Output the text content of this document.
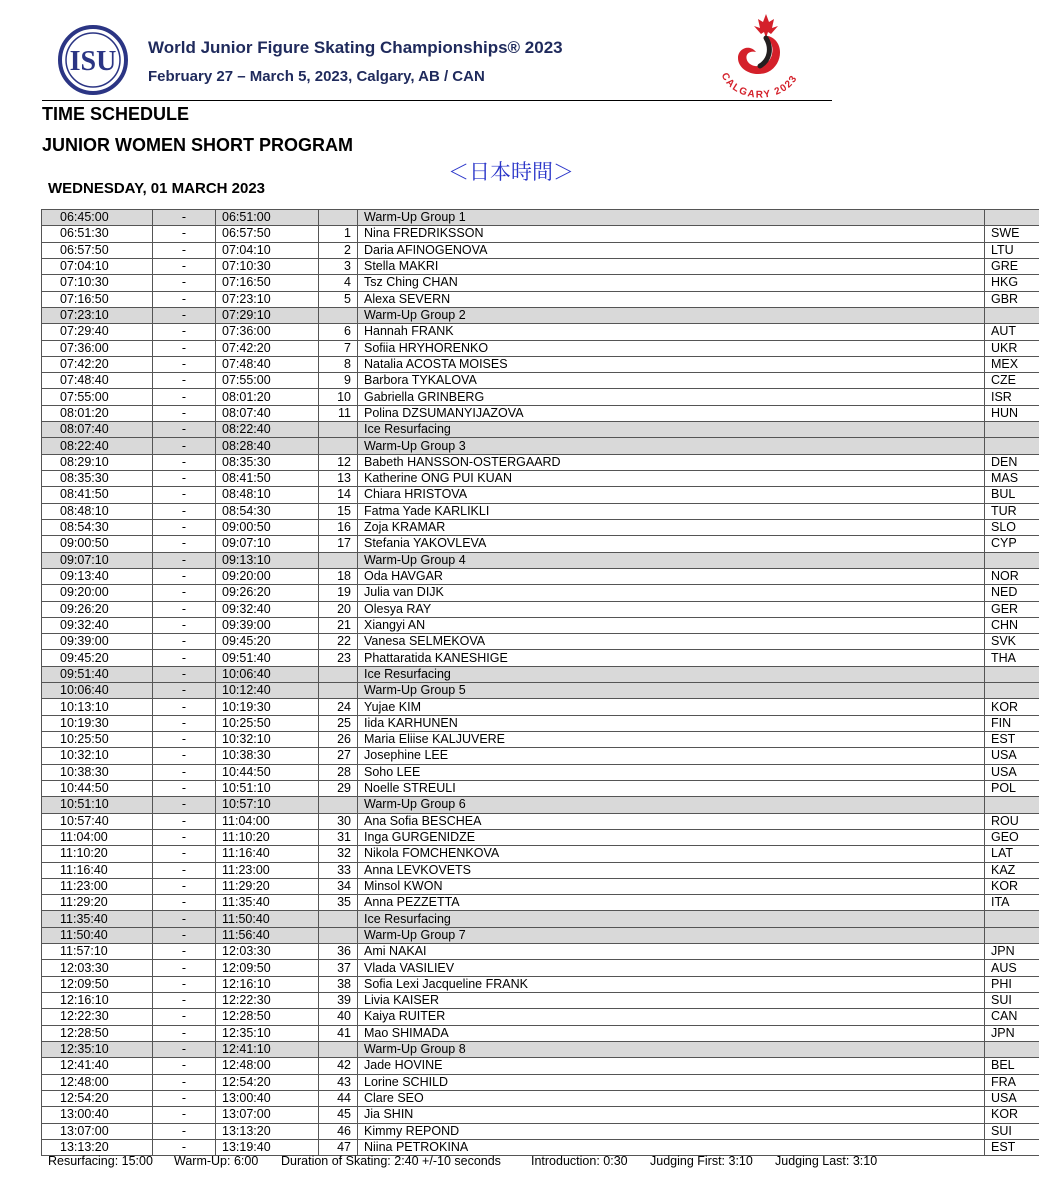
ISU World Junior Figure Skating Championships® 2023
February 27 – March 5, 2023, Calgary, AB / CAN	CALGARY 2023
TIME SCHEDULE
JUNIOR WOMEN SHORT PROGRAM
＜日本時間＞
WEDNESDAY, 01 MARCH 2023
06:45:00	-	06:51:00		Warm-Up Group 1	
06:51:30	-	06:57:50	1	Nina FREDRIKSSON	SWE
06:57:50	-	07:04:10	2	Daria AFINOGENOVA	LTU
07:04:10	-	07:10:30	3	Stella MAKRI	GRE
07:10:30	-	07:16:50	4	Tsz Ching CHAN	HKG
07:16:50	-	07:23:10	5	Alexa SEVERN	GBR
07:23:10	-	07:29:10		Warm-Up Group 2	
07:29:40	-	07:36:00	6	Hannah FRANK	AUT
07:36:00	-	07:42:20	7	Sofiia HRYHORENKO	UKR
07:42:20	-	07:48:40	8	Natalia ACOSTA MOISES	MEX
07:48:40	-	07:55:00	9	Barbora TYKALOVA	CZE
07:55:00	-	08:01:20	10	Gabriella GRINBERG	ISR
08:01:20	-	08:07:40	11	Polina DZSUMANYIJAZOVA	HUN
08:07:40	-	08:22:40		Ice Resurfacing	
08:22:40	-	08:28:40		Warm-Up Group 3	
08:29:10	-	08:35:30	12	Babeth HANSSON-OSTERGAARD	DEN
08:35:30	-	08:41:50	13	Katherine ONG PUI KUAN	MAS
08:41:50	-	08:48:10	14	Chiara HRISTOVA	BUL
08:48:10	-	08:54:30	15	Fatma Yade KARLIKLI	TUR
08:54:30	-	09:00:50	16	Zoja KRAMAR	SLO
09:00:50	-	09:07:10	17	Stefania YAKOVLEVA	CYP
09:07:10	-	09:13:10		Warm-Up Group 4	
09:13:40	-	09:20:00	18	Oda HAVGAR	NOR
09:20:00	-	09:26:20	19	Julia van DIJK	NED
09:26:20	-	09:32:40	20	Olesya RAY	GER
09:32:40	-	09:39:00	21	Xiangyi AN	CHN
09:39:00	-	09:45:20	22	Vanesa SELMEKOVA	SVK
09:45:20	-	09:51:40	23	Phattaratida KANESHIGE	THA
09:51:40	-	10:06:40		Ice Resurfacing	
10:06:40	-	10:12:40		Warm-Up Group 5	
10:13:10	-	10:19:30	24	Yujae KIM	KOR
10:19:30	-	10:25:50	25	Iida KARHUNEN	FIN
10:25:50	-	10:32:10	26	Maria Eliise KALJUVERE	EST
10:32:10	-	10:38:30	27	Josephine LEE	USA
10:38:30	-	10:44:50	28	Soho LEE	USA
10:44:50	-	10:51:10	29	Noelle STREULI	POL
10:51:10	-	10:57:10		Warm-Up Group 6	
10:57:40	-	11:04:00	30	Ana Sofia BESCHEA	ROU
11:04:00	-	11:10:20	31	Inga GURGENIDZE	GEO
11:10:20	-	11:16:40	32	Nikola FOMCHENKOVA	LAT
11:16:40	-	11:23:00	33	Anna LEVKOVETS	KAZ
11:23:00	-	11:29:20	34	Minsol KWON	KOR
11:29:20	-	11:35:40	35	Anna PEZZETTA	ITA
11:35:40	-	11:50:40		Ice Resurfacing	
11:50:40	-	11:56:40		Warm-Up Group 7	
11:57:10	-	12:03:30	36	Ami NAKAI	JPN
12:03:30	-	12:09:50	37	Vlada VASILIEV	AUS
12:09:50	-	12:16:10	38	Sofia Lexi Jacqueline FRANK	PHI
12:16:10	-	12:22:30	39	Livia KAISER	SUI
12:22:30	-	12:28:50	40	Kaiya RUITER	CAN
12:28:50	-	12:35:10	41	Mao SHIMADA	JPN
12:35:10	-	12:41:10		Warm-Up Group 8	
12:41:40	-	12:48:00	42	Jade HOVINE	BEL
12:48:00	-	12:54:20	43	Lorine SCHILD	FRA
12:54:20	-	13:00:40	44	Clare SEO	USA
13:00:40	-	13:07:00	45	Jia SHIN	KOR
13:07:00	-	13:13:20	46	Kimmy REPOND	SUI
13:13:20	-	13:19:40	47	Niina PETROKINA	EST
Resurfacing: 15:00 Warm-Up: 6:00 Duration of Skating: 2:40 +/-10 seconds Introduction: 0:30 Judging First: 3:10 Judging Last: 3:10
